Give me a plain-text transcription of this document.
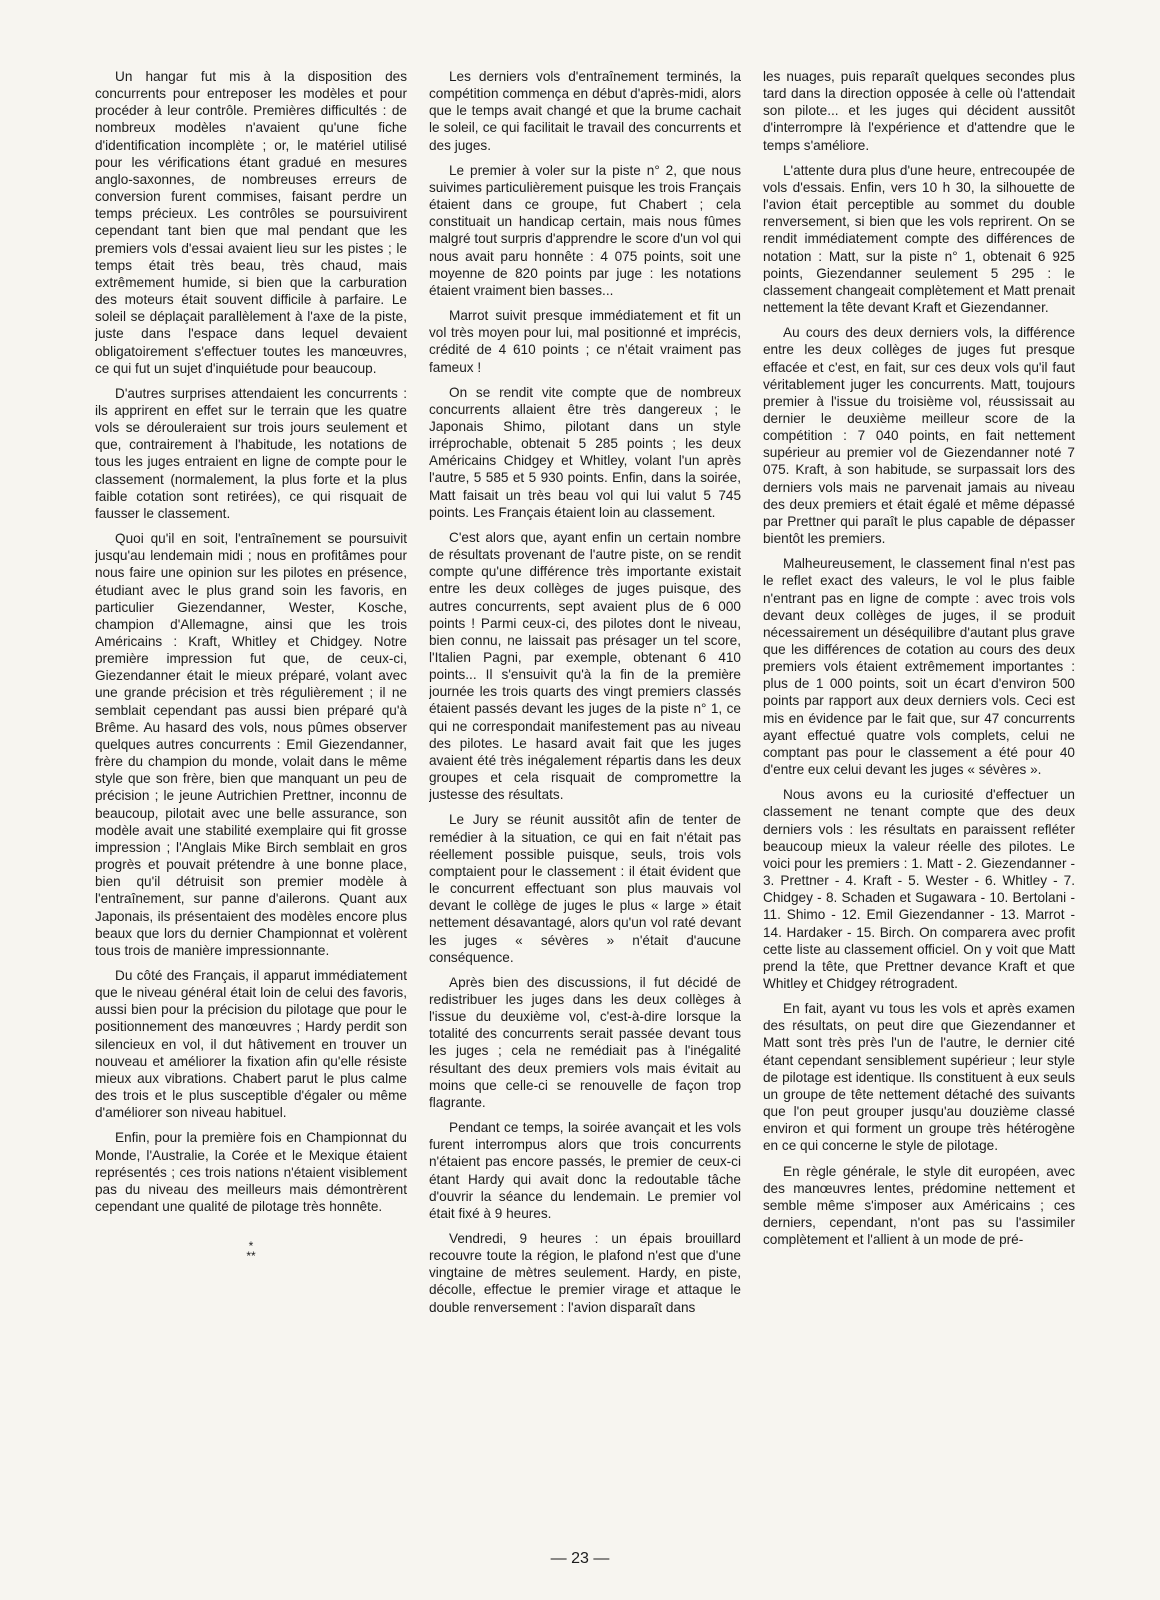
Un hangar fut mis à la disposition des concurrents pour entreposer les modèles et pour procéder à leur contrôle. Premières difficultés : de nombreux modèles n'avaient qu'une fiche d'identification incomplète ; or, le matériel utilisé pour les vérifications étant gradué en mesures anglo-saxonnes, de nombreuses erreurs de conversion furent commises, faisant perdre un temps précieux. Les contrôles se poursuivirent cependant tant bien que mal pendant que les premiers vols d'essai avaient lieu sur les pistes ; le temps était très beau, très chaud, mais extrêmement humide, si bien que la carburation des moteurs était souvent difficile à parfaire. Le soleil se déplaçait parallèlement à l'axe de la piste, juste dans l'espace dans lequel devaient obligatoirement s'effectuer toutes les manœuvres, ce qui fut un sujet d'inquiétude pour beaucoup.

D'autres surprises attendaient les concurrents : ils apprirent en effet sur le terrain que les quatre vols se dérouleraient sur trois jours seulement et que, contrairement à l'habitude, les notations de tous les juges entraient en ligne de compte pour le classement (normalement, la plus forte et la plus faible cotation sont retirées), ce qui risquait de fausser le classement.

Quoi qu'il en soit, l'entraînement se poursuivit jusqu'au lendemain midi ; nous en profitâmes pour nous faire une opinion sur les pilotes en présence, étudiant avec le plus grand soin les favoris, en particulier Giezendanner, Wester, Kosche, champion d'Allemagne, ainsi que les trois Américains : Kraft, Whitley et Chidgey. Notre première impression fut que, de ceux-ci, Giezendanner était le mieux préparé, volant avec une grande précision et très régulièrement ; il ne semblait cependant pas aussi bien préparé qu'à Brême. Au hasard des vols, nous pûmes observer quelques autres concurrents : Emil Giezendanner, frère du champion du monde, volait dans le même style que son frère, bien que manquant un peu de précision ; le jeune Autrichien Prettner, inconnu de beaucoup, pilotait avec une belle assurance, son modèle avait une stabilité exemplaire qui fit grosse impression ; l'Anglais Mike Birch semblait en gros progrès et pouvait prétendre à une bonne place, bien qu'il détruisit son premier modèle à l'entraînement, sur panne d'ailerons. Quant aux Japonais, ils présentaient des modèles encore plus beaux que lors du dernier Championnat et volèrent tous trois de manière impressionnante.

Du côté des Français, il apparut immédiatement que le niveau général était loin de celui des favoris, aussi bien pour la précision du pilotage que pour le positionnement des manœuvres ; Hardy perdit son silencieux en vol, il dut hâtivement en trouver un nouveau et améliorer la fixation afin qu'elle résiste mieux aux vibrations. Chabert parut le plus calme des trois et le plus susceptible d'égaler ou même d'améliorer son niveau habituel.

Enfin, pour la première fois en Championnat du Monde, l'Australie, la Corée et le Mexique étaient représentés ; ces trois nations n'étaient visiblement pas du niveau des meilleurs mais démontrèrent cependant une qualité de pilotage très honnête.

*
**

Les derniers vols d'entraînement terminés, la compétition commença en début d'après-midi, alors que le temps avait changé et que la brume cachait le soleil, ce qui facilitait le travail des concurrents et des juges.

Le premier à voler sur la piste n° 2, que nous suivimes particulièrement puisque les trois Français étaient dans ce groupe, fut Chabert ; cela constituait un handicap certain, mais nous fûmes malgré tout surpris d'apprendre le score d'un vol qui nous avait paru honnête : 4 075 points, soit une moyenne de 820 points par juge : les notations étaient vraiment bien basses...

Marrot suivit presque immédiatement et fit un vol très moyen pour lui, mal positionné et imprécis, crédité de 4 610 points ; ce n'était vraiment pas fameux !

On se rendit vite compte que de nombreux concurrents allaient être très dangereux ; le Japonais Shimo, pilotant dans un style irréprochable, obtenait 5 285 points ; les deux Américains Chidgey et Whitley, volant l'un après l'autre, 5 585 et 5 930 points. Enfin, dans la soirée, Matt faisait un très beau vol qui lui valut 5 745 points. Les Français étaient loin au classement.

C'est alors que, ayant enfin un certain nombre de résultats provenant de l'autre piste, on se rendit compte qu'une différence très importante existait entre les deux collèges de juges puisque, des autres concurrents, sept avaient plus de 6 000 points ! Parmi ceux-ci, des pilotes dont le niveau, bien connu, ne laissait pas présager un tel score, l'Italien Pagni, par exemple, obtenant 6 410 points... Il s'ensuivit qu'à la fin de la première journée les trois quarts des vingt premiers classés étaient passés devant les juges de la piste n° 1, ce qui ne correspondait manifestement pas au niveau des pilotes. Le hasard avait fait que les juges avaient été très inégalement répartis dans les deux groupes et cela risquait de compromettre la justesse des résultats.

Le Jury se réunit aussitôt afin de tenter de remédier à la situation, ce qui en fait n'était pas réellement possible puisque, seuls, trois vols comptaient pour le classement : il était évident que le concurrent effectuant son plus mauvais vol devant le collège de juges le plus « large » était nettement désavantagé, alors qu'un vol raté devant les juges « sévères » n'était d'aucune conséquence.

Après bien des discussions, il fut décidé de redistribuer les juges dans les deux collèges à l'issue du deuxième vol, c'est-à-dire lorsque la totalité des concurrents serait passée devant tous les juges ; cela ne remédiait pas à l'inégalité résultant des deux premiers vols mais évitait au moins que celle-ci se renouvelle de façon trop flagrante.

Pendant ce temps, la soirée avançait et les vols furent interrompus alors que trois concurrents n'étaient pas encore passés, le premier de ceux-ci étant Hardy qui avait donc la redoutable tâche d'ouvrir la séance du lendemain. Le premier vol était fixé à 9 heures.

Vendredi, 9 heures : un épais brouillard recouvre toute la région, le plafond n'est que d'une vingtaine de mètres seulement. Hardy, en piste, décolle, effectue le premier virage et attaque le double renversement : l'avion disparaît dans

les nuages, puis reparaît quelques secondes plus tard dans la direction opposée à celle où l'attendait son pilote... et les juges qui décident aussitôt d'interrompre là l'expérience et d'attendre que le temps s'améliore.

L'attente dura plus d'une heure, entrecoupée de vols d'essais. Enfin, vers 10 h 30, la silhouette de l'avion était perceptible au sommet du double renversement, si bien que les vols reprirent. On se rendit immédiatement compte des différences de notation : Matt, sur la piste n° 1, obtenait 6 925 points, Giezendanner seulement 5 295 : le classement changeait complètement et Matt prenait nettement la tête devant Kraft et Giezendanner.

Au cours des deux derniers vols, la différence entre les deux collèges de juges fut presque effacée et c'est, en fait, sur ces deux vols qu'il faut véritablement juger les concurrents. Matt, toujours premier à l'issue du troisième vol, réussissait au dernier le deuxième meilleur score de la compétition : 7 040 points, en fait nettement supérieur au premier vol de Giezendanner noté 7 075. Kraft, à son habitude, se surpassait lors des derniers vols mais ne parvenait jamais au niveau des deux premiers et était égalé et même dépassé par Prettner qui paraît le plus capable de dépasser bientôt les premiers.

Malheureusement, le classement final n'est pas le reflet exact des valeurs, le vol le plus faible n'entrant pas en ligne de compte : avec trois vols devant deux collèges de juges, il se produit nécessairement un déséquilibre d'autant plus grave que les différences de cotation au cours des deux premiers vols étaient extrêmement importantes : plus de 1 000 points, soit un écart d'environ 500 points par rapport aux deux derniers vols. Ceci est mis en évidence par le fait que, sur 47 concurrents ayant effectué quatre vols complets, celui ne comptant pas pour le classement a été pour 40 d'entre eux celui devant les juges « sévères ».

Nous avons eu la curiosité d'effectuer un classement ne tenant compte que des deux derniers vols : les résultats en paraissent refléter beaucoup mieux la valeur réelle des pilotes. Le voici pour les premiers : 1. Matt - 2. Giezendanner - 3. Prettner - 4. Kraft - 5. Wester - 6. Whitley - 7. Chidgey - 8. Schaden et Sugawara - 10. Bertolani - 11. Shimo - 12. Emil Giezendanner - 13. Marrot - 14. Hardaker - 15. Birch. On comparera avec profit cette liste au classement officiel. On y voit que Matt prend la tête, que Prettner devance Kraft et que Whitley et Chidgey rétrogradent.

En fait, ayant vu tous les vols et après examen des résultats, on peut dire que Giezendanner et Matt sont très près l'un de l'autre, le dernier cité étant cependant sensiblement supérieur ; leur style de pilotage est identique. Ils constituent à eux seuls un groupe de tête nettement détaché des suivants que l'on peut grouper jusqu'au douzième classé environ et qui forment un groupe très hétérogène en ce qui concerne le style de pilotage.

En règle générale, le style dit européen, avec des manœuvres lentes, prédomine nettement et semble même s'imposer aux Américains ; ces derniers, cependant, n'ont pas su l'assimiler complètement et l'allient à un mode de pré-

— 23 —
